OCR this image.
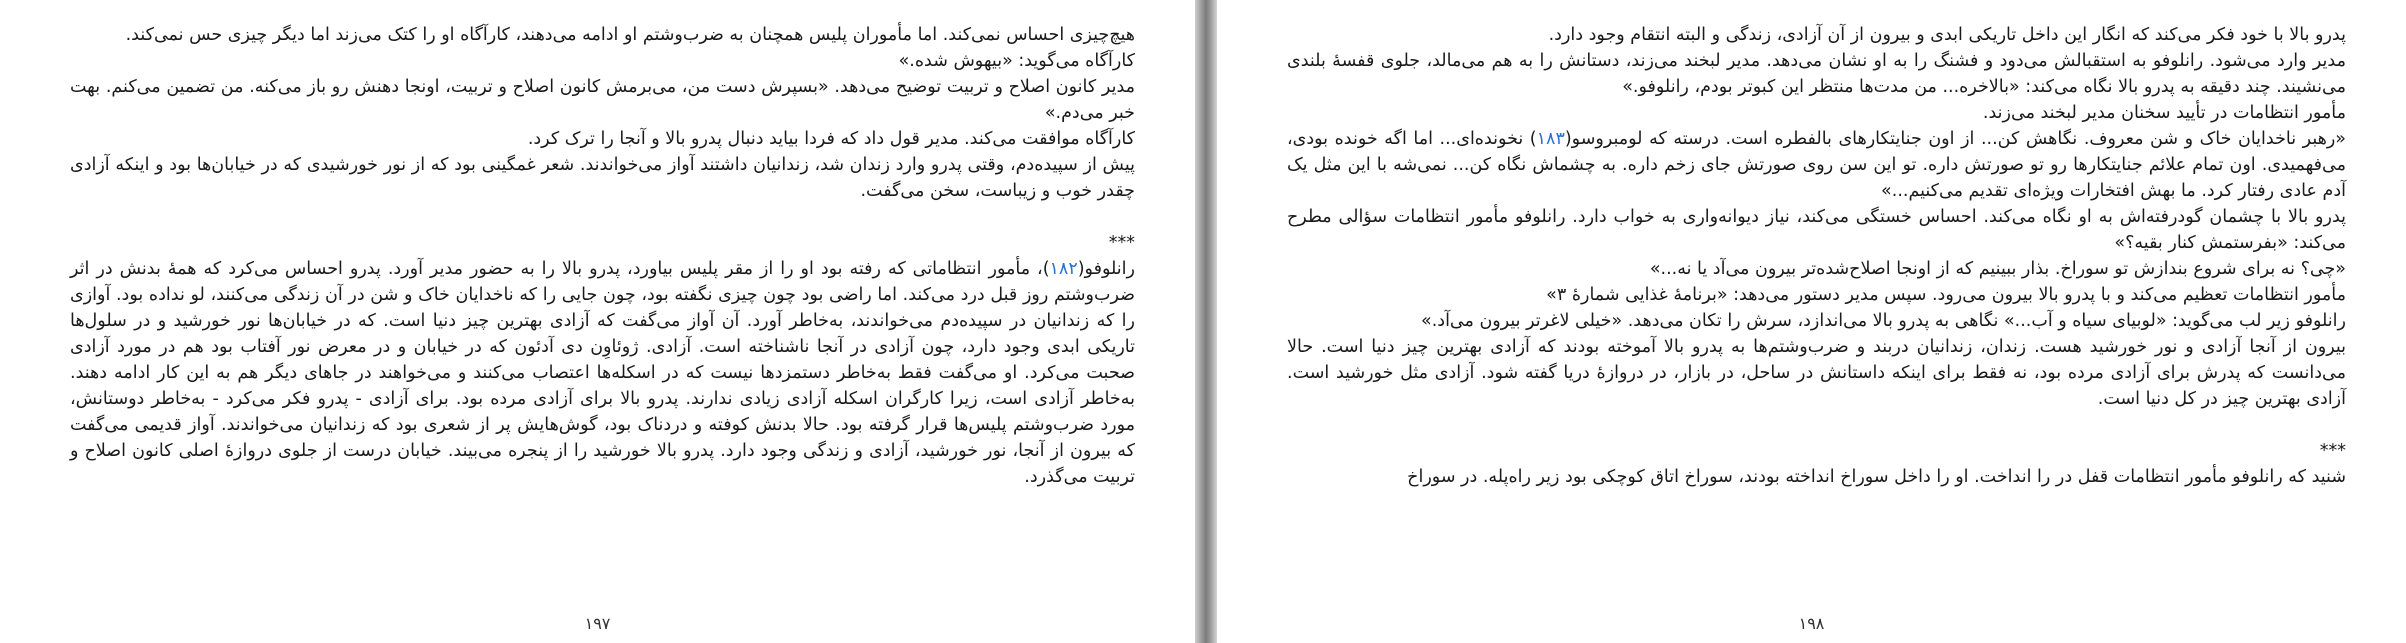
هیچ‌چیزی احساس نمی‌کند. اما مأموران پلیس همچنان به ضرب‌وشتم او ادامه می‌دهند، کارآگاه او را کتک می‌زند اما دیگر چیزی حس نمی‌کند.

کارآگاه می‌گوید: «بیهوش شده.»

مدیر کانون اصلاح و تربیت توضیح می‌دهد. «بسپرش دست من، می‌برمش کانون اصلاح و تربیت، اونجا دهنش رو باز می‌کنه. من تضمین می‌کنم. بهت خبر می‌دم.»

کارآگاه موافقت می‌کند. مدیر قول داد که فردا بیاید دنبال پدرو بالا و آنجا را ترک کرد.

پیش از سپیده‌دم، وقتی پدرو وارد زندان شد، زندانیان داشتند آواز می‌خواندند. شعر غمگینی بود که از نور خورشیدی که در خیابان‌ها بود و اینکه آزادی چقدر خوب و زیباست، سخن می‌گفت.

***

رانلوفو(۱۸۲)، مأمور انتظاماتی که رفته بود او را از مقر پلیس بیاورد، پدرو بالا را به حضور مدیر آورد. پدرو احساس می‌کرد که همهٔ بدنش در اثر ضرب‌وشتم روز قبل درد می‌کند. اما راضی بود چون چیزی نگفته بود، چون جایی را که ناخدایان خاک و شن در آن زندگی می‌کنند، لو نداده بود. آوازی را که زندانیان در سپیده‌دم می‌خواندند، به‌خاطر آورد. آن آواز می‌گفت که آزادی بهترین چیز دنیا است. که در خیابان‌ها نور خورشید و در سلول‌ها تاریکی ابدی وجود دارد، چون آزادی در آنجا ناشناخته است. آزادی. ژوئاوِن دی آدئون که در خیابان و در معرض نور آفتاب بود هم در مورد آزادی صحبت می‌کرد. او می‌گفت فقط به‌خاطر دستمزدها نیست که در اسکله‌ها اعتصاب می‌کنند و می‌خواهند در جاهای دیگر هم به این کار ادامه دهند. به‌خاطر آزادی است، زیرا کارگران اسکله آزادی زیادی ندارند. پدرو بالا برای آزادی مرده بود. برای آزادی - پدرو فکر می‌کرد - به‌خاطر دوستانش، مورد ضرب‌وشتم پلیس‌ها قرار گرفته بود. حالا بدنش کوفته و دردناک بود، گوش‌هایش پر از شعری بود که زندانیان می‌خواندند. آواز قدیمی می‌گفت که بیرون از آنجا، نور خورشید، آزادی و زندگی وجود دارد. پدرو بالا خورشید را از پنجره می‌بیند. خیابان درست از جلوی دروازهٔ اصلی کانون اصلاح و تربیت می‌گذرد.

۱۹۷

پدرو بالا با خود فکر می‌کند که انگار این داخل تاریکی ابدی و بیرون از آن آزادی، زندگی و البته انتقام وجود دارد.

مدیر وارد می‌شود. رانلوفو به استقبالش می‌دود و فشنگ را به او نشان می‌دهد. مدیر لبخند می‌زند، دستانش را به هم می‌مالد، جلوی قفسهٔ بلندی می‌نشیند. چند دقیقه به پدرو بالا نگاه می‌کند: «بالاخره... من مدت‌ها منتظر این کبوتر بودم، رانلوفو.»

مأمور انتظامات در تأیید سخنان مدیر لبخند می‌زند.

«رهبر ناخدایان خاک و شن معروف. نگاهش کن... از اون جنایتکارهای بالفطره است. درسته که لومبروسو(۱۸۳) نخونده‌ای... اما اگه خونده بودی، می‌فهمیدی. اون تمام علائم جنایتکارها رو تو صورتش داره. تو این سن روی صورتش جای زخم داره. به چشماش نگاه کن... نمی‌شه با این مثل یک آدم عادی رفتار کرد. ما بهش افتخارات ویژه‌ای تقدیم می‌کنیم...»

پدرو بالا با چشمان گودرفته‌اش به او نگاه می‌کند. احساس خستگی می‌کند، نیاز دیوانه‌واری به خواب دارد. رانلوفو مأمور انتظامات سؤالی مطرح می‌کند: «بفرستمش کنار بقیه؟»

«چی؟ نه برای شروع بندازش تو سوراخ. بذار ببینیم که از اونجا اصلاح‌شده‌تر بیرون می‌آد یا نه...»

مأمور انتظامات تعظیم می‌کند و با پدرو بالا بیرون می‌رود. سپس مدیر دستور می‌دهد: «برنامهٔ غذایی شمارهٔ ۳»

رانلوفو زیر لب می‌گوید: «لوبیای سیاه و آب...» نگاهی به پدرو بالا می‌اندازد، سرش را تکان می‌دهد. «خیلی لاغرتر بیرون می‌آد.»

بیرون از آنجا آزادی و نور خورشید هست. زندان، زندانیان دربند و ضرب‌وشتم‌ها به پدرو بالا آموخته بودند که آزادی بهترین چیز دنیا است. حالا می‌دانست که پدرش برای آزادی مرده بود، نه فقط برای اینکه داستانش در ساحل، در بازار، در دروازهٔ دریا گفته شود. آزادی مثل خورشید است. آزادی بهترین چیز در کل دنیا است.

***

شنید که رانلوفو مأمور انتظامات قفل در را انداخت. او را داخل سوراخ انداخته بودند، سوراخ اتاق کوچکی بود زیر راه‌پله. در سوراخ

۱۹۸
